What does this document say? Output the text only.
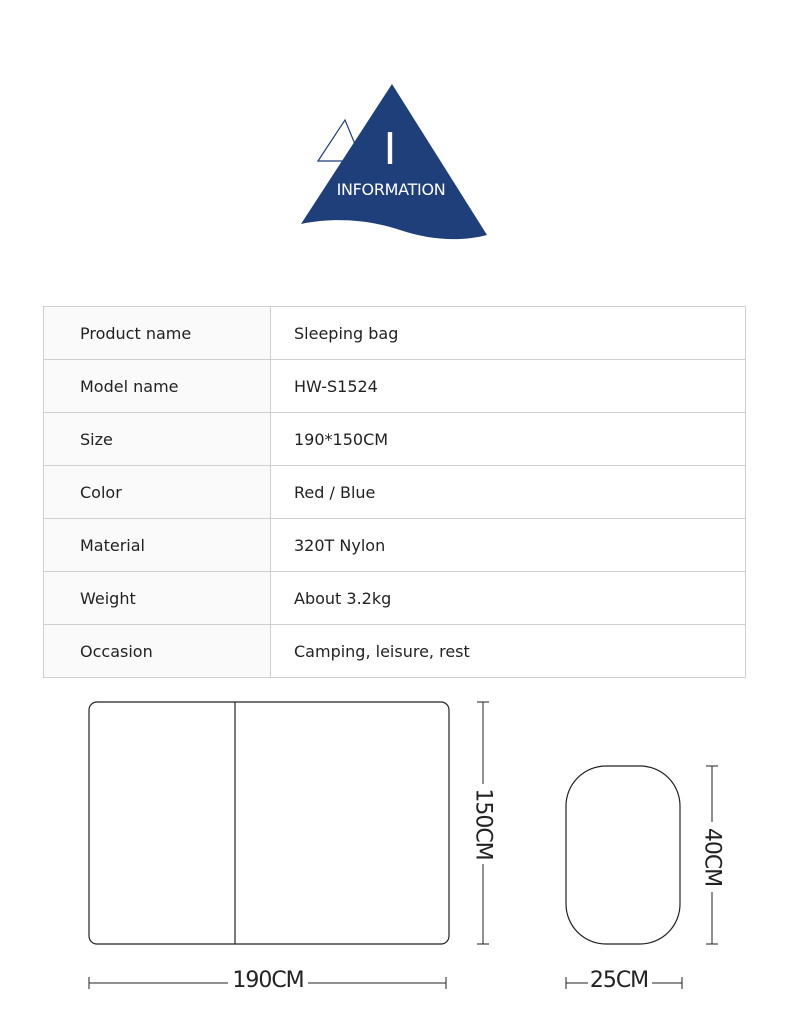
I
INFORMATION
Product name	Sleeping bag
Model name	HW-S1524
Size	190*150CM
Color	Red / Blue
Material	320T Nylon
Weight	About 3.2kg
Occasion	Camping, leisure, rest
150CM
190CM
40CM
25CM
